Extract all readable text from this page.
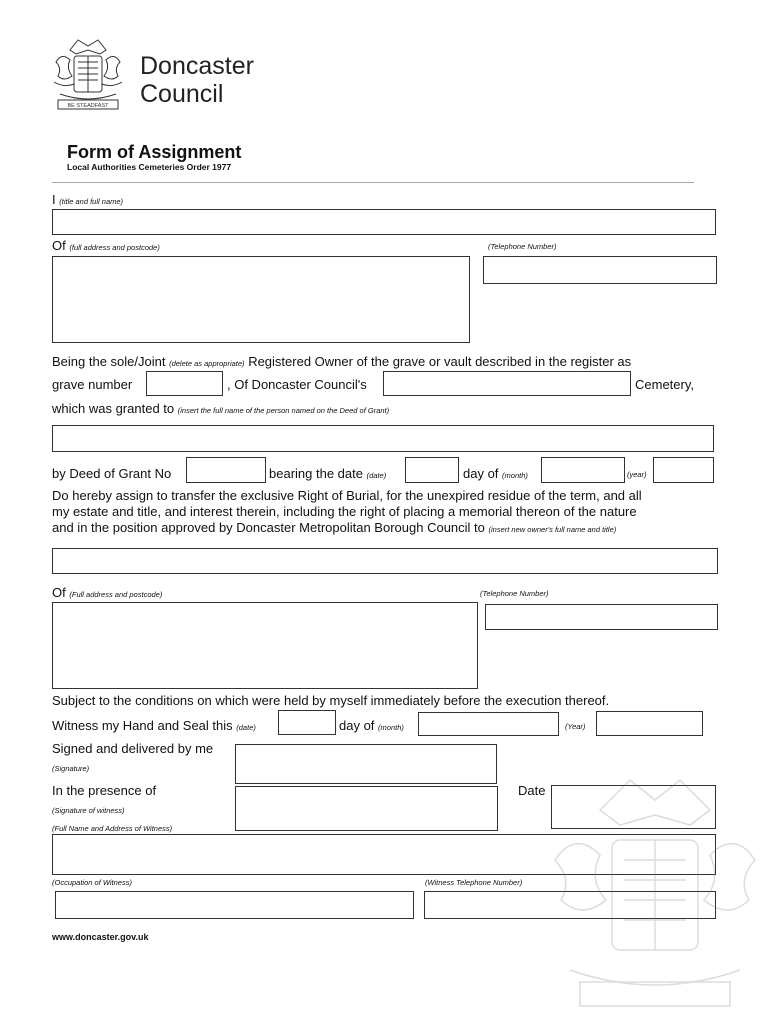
BE STEADFAST
Doncaster
Council
Form of Assignment
Local Authorities Cemeteries Order 1977
I (title and full name)
Of (full address and postcode)	(Telephone Number)
Being the sole/Joint (delete as appropriate) Registered Owner of the grave or vault described in the register as
grave number	, Of Doncaster Council's	Cemetery,
which was granted to (insert the full name of the person named on the Deed of Grant)
by Deed of Grant No	bearing the date (date)	day of (month)	(year)
Do hereby assign to transfer the exclusive Right of Burial, for the unexpired residue of the term, and all
my estate and title, and interest therein, including the right of placing a memorial thereon of the nature
and in the position approved by Doncaster Metropolitan Borough Council to (insert new owner's full name and title)
Of (Full address and postcode)	(Telephone Number)
Subject to the conditions on which were held by myself immediately before the execution thereof.
Witness my Hand and Seal this (date)	day of (month)	(Year)
Signed and delivered by me
(Signature)
In the presence of
(Signature of witness)
Date
(Full Name and Address of Witness)
(Occupation of Witness)	(Witness Telephone Number)
www.doncaster.gov.uk
